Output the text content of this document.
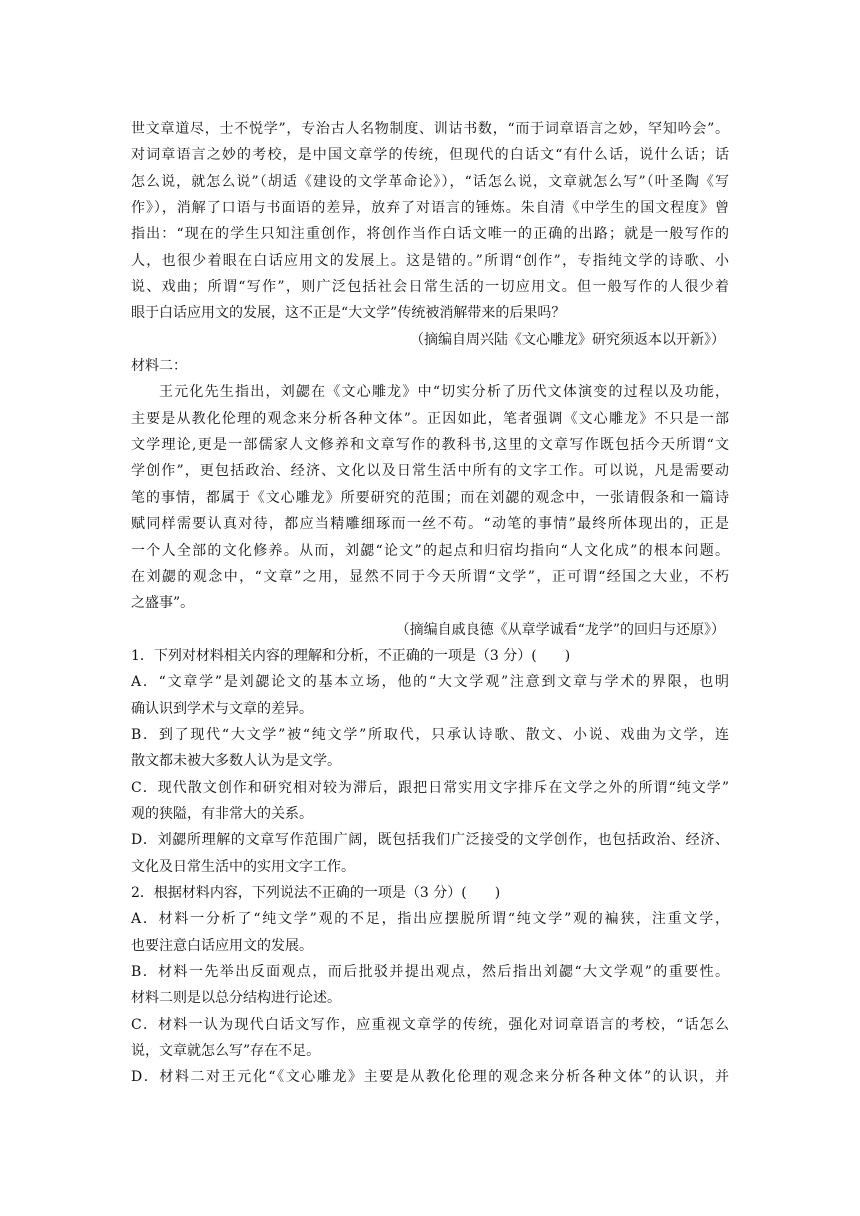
世文章道尽，士不悦学”，专治古人名物制度、训诂书数，“而于词章语言之妙，罕知吟会”。
对词章语言之妙的考校，是中国文章学的传统，但现代的白话文“有什么话，说什么话；话
怎么说，就怎么说”（胡适《建设的文学革命论》），“话怎么说，文章就怎么写”（叶圣陶《写
作》），消解了口语与书面语的差异，放弃了对语言的锤炼。朱自清《中学生的国文程度》曾
指出：“现在的学生只知注重创作，将创作当作白话文唯一的正确的出路；就是一般写作的
人，也很少着眼在白话应用文的发展上。这是错的。”所谓“创作”，专指纯文学的诗歌、小
说、戏曲；所谓“写作”，则广泛包括社会日常生活的一切应用文。但一般写作的人很少着
眼于白话应用文的发展，这不正是“大文学”传统被消解带来的后果吗？
（摘编自周兴陆《文心雕龙》研究须返本以开新》）
材料二：
王元化先生指出，刘勰在《文心雕龙》中“切实分析了历代文体演变的过程以及功能，
主要是从教化伦理的观念来分析各种文体”。正因如此，笔者强调《文心雕龙》不只是一部
文学理论,更是一部儒家人文修养和文章写作的教科书,这里的文章写作既包括今天所谓“文
学创作”，更包括政治、经济、文化以及日常生活中所有的文字工作。可以说，凡是需要动
笔的事情，都属于《文心雕龙》所要研究的范围；而在刘勰的观念中，一张请假条和一篇诗
赋同样需要认真对待，都应当精雕细琢而一丝不苟。“动笔的事情”最终所体现出的，正是
一个人全部的文化修养。从而，刘勰“论文”的起点和归宿均指向“人文化成”的根本问题。
在刘勰的观念中，“文章”之用，显然不同于今天所谓“文学”，正可谓“经国之大业，不朽
之盛事”。
（摘编自戚良德《从章学诚看“龙学”的回归与还原》）
1．下列对材料相关内容的理解和分析，不正确的一项是（3 分）(　　)
A．“文章学”是刘勰论文的基本立场，他的“大文学观”注意到文章与学术的界限，也明
确认识到学术与文章的差异。
B．到了现代“大文学”被“纯文学”所取代，只承认诗歌、散文、小说、戏曲为文学，连
散文都未被大多数人认为是文学。
C．现代散文创作和研究相对较为滞后，跟把日常实用文字排斥在文学之外的所谓“纯文学”
观的狭隘，有非常大的关系。
D．刘勰所理解的文章写作范围广阔，既包括我们广泛接受的文学创作，也包括政治、经济、
文化及日常生活中的实用文字工作。
2．根据材料内容，下列说法不正确的一项是（3 分）(　　)
A．材料一分析了“纯文学”观的不足，指出应摆脱所谓“纯文学”观的褊狭，注重文学，
也要注意白话应用文的发展。
B．材料一先举出反面观点，而后批驳并提出观点，然后指出刘勰“大文学观”的重要性。
材料二则是以总分结构进行论述。
C．材料一认为现代白话文写作，应重视文章学的传统，强化对词章语言的考校，“话怎么
说，文章就怎么写”存在不足。
D．材料二对王元化“《文心雕龙》主要是从教化伦理的观念来分析各种文体”的认识，并
